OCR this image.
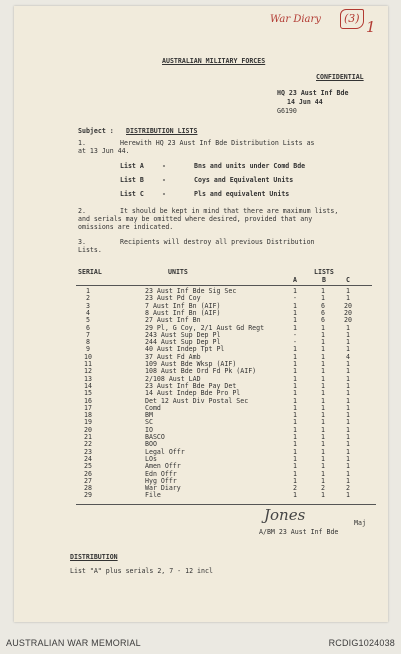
War Diary (3) 1
AUSTRALIAN MILITARY FORCES
CONFIDENTIAL
HQ 23 Aust Inf Bde
14 Jun 44
G6190
Subject : DISTRIBUTION LISTS
1.	Herewith HQ 23 Aust Inf Bde Distribution Lists as
at 13 Jun 44.
List A	-	Bns and units under Comd Bde
List B	-	Coys and Equivalent Units
List C	-	Pls and equivalent Units
2.	It should be kept in mind that there are maximum lists,
and serials may be omitted where desired, provided that any
omissions are indicated.
3.	Recipients will destroy all previous Distribution
Lists.
SERIAL	UNITS	LISTS
A	B	C
1	23 Aust Inf Bde Sig Sec	1	1	1
2	23 Aust Pd Coy	-	1	1
3	7 Aust Inf Bn (AIF)	1	6	20
4	8 Aust Inf Bn (AIF)	1	6	20
5	27 Aust Inf Bn	1	6	20
6	29 Pl, G Coy, 2/1 Aust Gd Regt	1	1	1
7	243 Aust Sup Dep Pl	-	1	1
8	244 Aust Sup Dep Pl	-	1	1
9	40 Aust Indep Tpt Pl	1	1	1
10	37 Aust Fd Amb	1	1	4
11	109 Aust Bde Wksp (AIF)	1	1	1
12	108 Aust Bde Ord Fd Pk (AIF)	1	1	1
13	2/108 Aust LAD	1	1	1
14	23 Aust Inf Bde Pay Det	1	1	1
15	14 Aust Indep Bde Pro Pl	1	1	1
16	Det 12 Aust Div Postal Sec	1	1	1
17	Comd	1	1	1
18	BM	1	1	1
19	SC	1	1	1
20	IO	1	1	1
21	BASCO	1	1	1
22	BOO	1	1	1
23	Legal Offr	1	1	1
24	LOs	1	1	1
25	Amen Offr	1	1	1
26	Edn Offr	1	1	1
27	Hyg Offr	1	1	1
28	War Diary	2	2	2
29	File	1	1	1
Jones	Maj
A/BM 23 Aust Inf Bde
DISTRIBUTION
List "A" plus serials 2, 7 - 12 incl
AUSTRALIAN WAR MEMORIAL	RCDIG1024038
